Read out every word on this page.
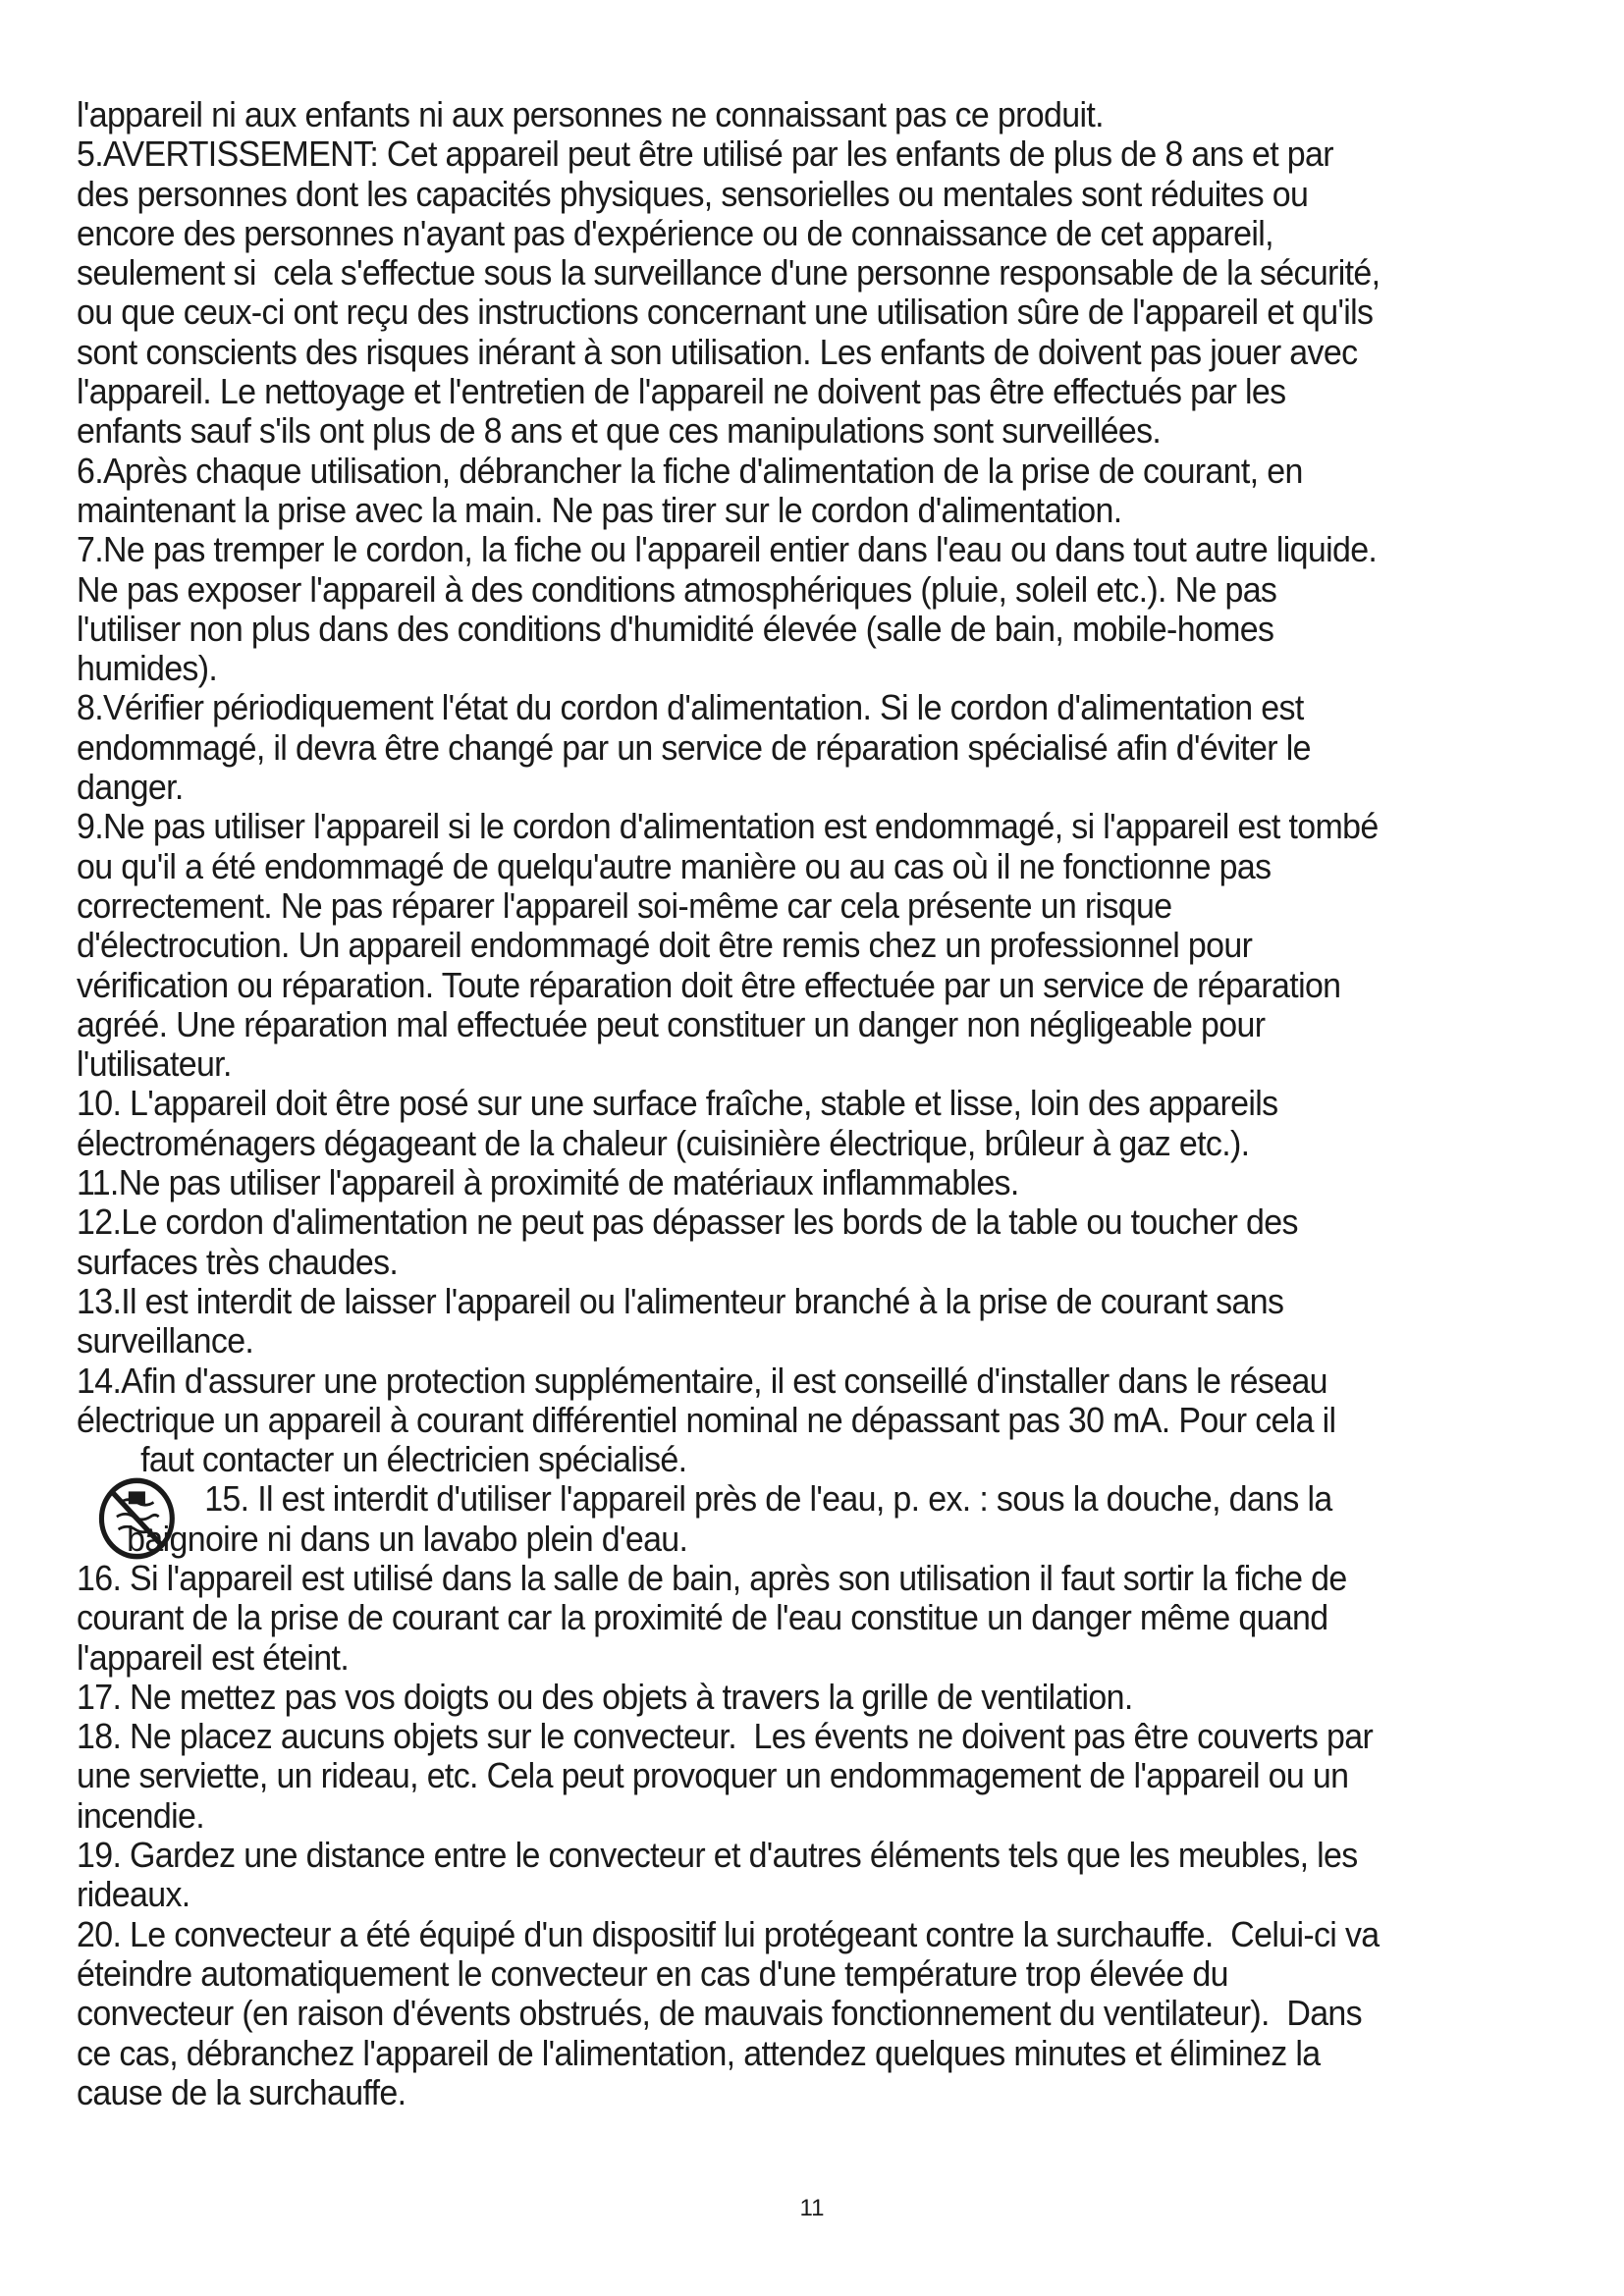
l'appareil ni aux enfants ni aux personnes ne connaissant pas ce produit.
5.AVERTISSEMENT: Cet appareil peut être utilisé par les enfants de plus de 8 ans et par
des personnes dont les capacités physiques, sensorielles ou mentales sont réduites ou
encore des personnes n'ayant pas d'expérience ou de connaissance de cet appareil,
seulement si  cela s'effectue sous la surveillance d'une personne responsable de la sécurité,
ou que ceux-ci ont reçu des instructions concernant une utilisation sûre de l'appareil et qu'ils
sont conscients des risques inérant à son utilisation. Les enfants de doivent pas jouer avec
l'appareil. Le nettoyage et l'entretien de l'appareil ne doivent pas être effectués par les
enfants sauf s'ils ont plus de 8 ans et que ces manipulations sont surveillées.
6.Après chaque utilisation, débrancher la fiche d'alimentation de la prise de courant, en
maintenant la prise avec la main. Ne pas tirer sur le cordon d'alimentation.
7.Ne pas tremper le cordon, la fiche ou l'appareil entier dans l'eau ou dans tout autre liquide.
Ne pas exposer l'appareil à des conditions atmosphériques (pluie, soleil etc.). Ne pas
l'utiliser non plus dans des conditions d'humidité élevée (salle de bain, mobile-homes
humides).
8.Vérifier périodiquement l'état du cordon d'alimentation. Si le cordon d'alimentation est
endommagé, il devra être changé par un service de réparation spécialisé afin d'éviter le
danger.
9.Ne pas utiliser l'appareil si le cordon d'alimentation est endommagé, si l'appareil est tombé
ou qu'il a été endommagé de quelqu'autre manière ou au cas où il ne fonctionne pas
correctement. Ne pas réparer l'appareil soi-même car cela présente un risque
d'électrocution. Un appareil endommagé doit être remis chez un professionnel pour
vérification ou réparation. Toute réparation doit être effectuée par un service de réparation
agréé. Une réparation mal effectuée peut constituer un danger non négligeable pour
l'utilisateur.
10. L'appareil doit être posé sur une surface fraîche, stable et lisse, loin des appareils
électroménagers dégageant de la chaleur (cuisinière électrique, brûleur à gaz etc.).
11.Ne pas utiliser l'appareil à proximité de matériaux inflammables.
12.Le cordon d'alimentation ne peut pas dépasser les bords de la table ou toucher des
surfaces très chaudes.
13.Il est interdit de laisser l'appareil ou l'alimenteur branché à la prise de courant sans
surveillance.
14.Afin d'assurer une protection supplémentaire, il est conseillé d'installer dans le réseau
électrique un appareil à courant différentiel nominal ne dépassant pas 30 mA. Pour cela il
faut contacter un électricien spécialisé.
15. Il est interdit d'utiliser l'appareil près de l'eau, p. ex. : sous la douche, dans la
baignoire ni dans un lavabo plein d'eau.
16. Si l'appareil est utilisé dans la salle de bain, après son utilisation il faut sortir la fiche de
courant de la prise de courant car la proximité de l'eau constitue un danger même quand
l'appareil est éteint.
17. Ne mettez pas vos doigts ou des objets à travers la grille de ventilation.
18. Ne placez aucuns objets sur le convecteur.  Les évents ne doivent pas être couverts par
une serviette, un rideau, etc. Cela peut provoquer un endommagement de l'appareil ou un
incendie.
19. Gardez une distance entre le convecteur et d'autres éléments tels que les meubles, les
rideaux.
20. Le convecteur a été équipé d'un dispositif lui protégeant contre la surchauffe.  Celui-ci va
éteindre automatiquement le convecteur en cas d'une température trop élevée du
convecteur (en raison d'évents obstrués, de mauvais fonctionnement du ventilateur).  Dans
ce cas, débranchez l'appareil de l'alimentation, attendez quelques minutes et éliminez la
cause de la surchauffe.
11
